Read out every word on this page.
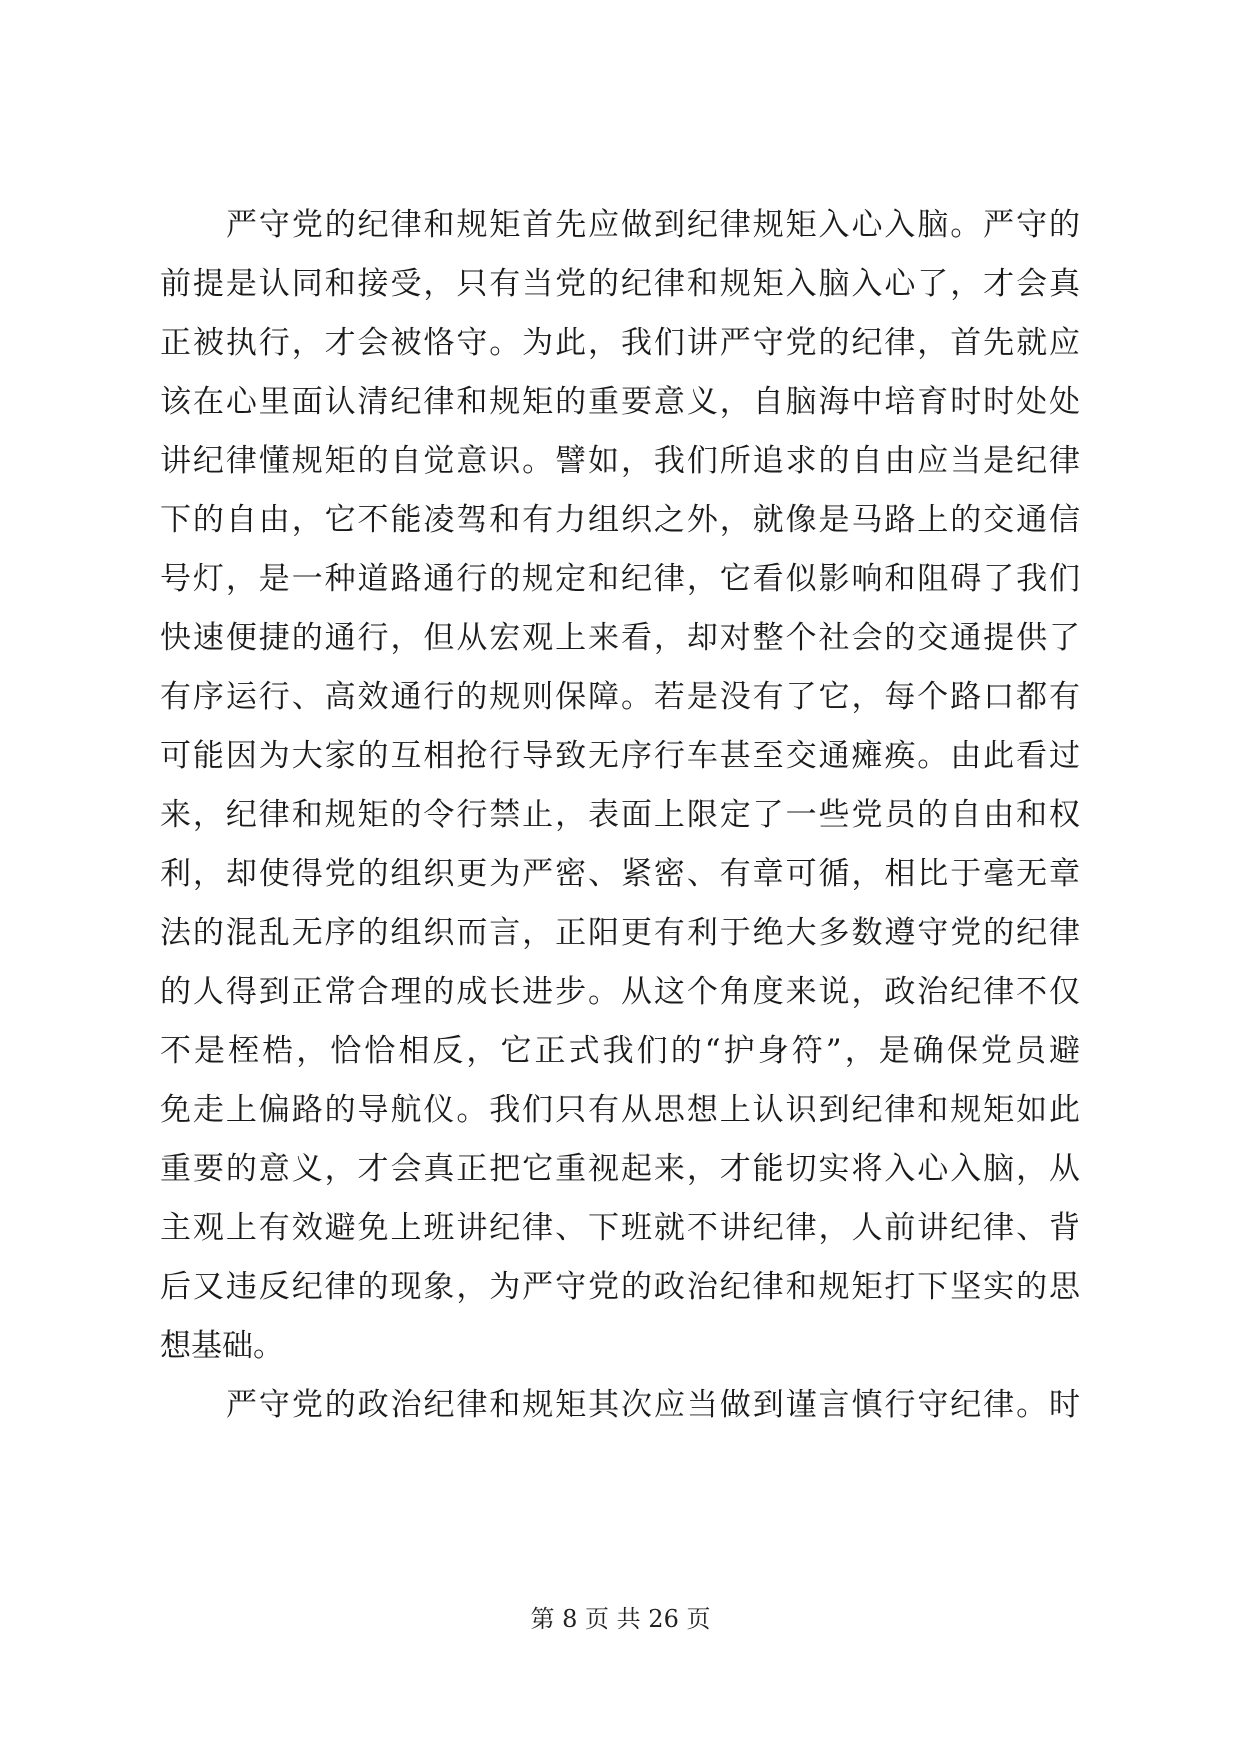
严守党的纪律和规矩首先应做到纪律规矩入心入脑。严守的
前提是认同和接受，只有当党的纪律和规矩入脑入心了，才会真
正被执行，才会被恪守。为此，我们讲严守党的纪律，首先就应
该在心里面认清纪律和规矩的重要意义，自脑海中培育时时处处
讲纪律懂规矩的自觉意识。譬如，我们所追求的自由应当是纪律
下的自由，它不能凌驾和有力组织之外，就像是马路上的交通信
号灯，是一种道路通行的规定和纪律，它看似影响和阻碍了我们
快速便捷的通行，但从宏观上来看，却对整个社会的交通提供了
有序运行、高效通行的规则保障。若是没有了它，每个路口都有
可能因为大家的互相抢行导致无序行车甚至交通瘫痪。由此看过
来，纪律和规矩的令行禁止，表面上限定了一些党员的自由和权
利，却使得党的组织更为严密、紧密、有章可循，相比于毫无章
法的混乱无序的组织而言，正阳更有利于绝大多数遵守党的纪律
的人得到正常合理的成长进步。从这个角度来说，政治纪律不仅
不是桎梏，恰恰相反，它正式我们的“护身符”，是确保党员避
免走上偏路的导航仪。我们只有从思想上认识到纪律和规矩如此
重要的意义，才会真正把它重视起来，才能切实将入心入脑，从
主观上有效避免上班讲纪律、下班就不讲纪律，人前讲纪律、背
后又违反纪律的现象，为严守党的政治纪律和规矩打下坚实的思
想基础。
严守党的政治纪律和规矩其次应当做到谨言慎行守纪律。时
第 8 页 共 26 页
